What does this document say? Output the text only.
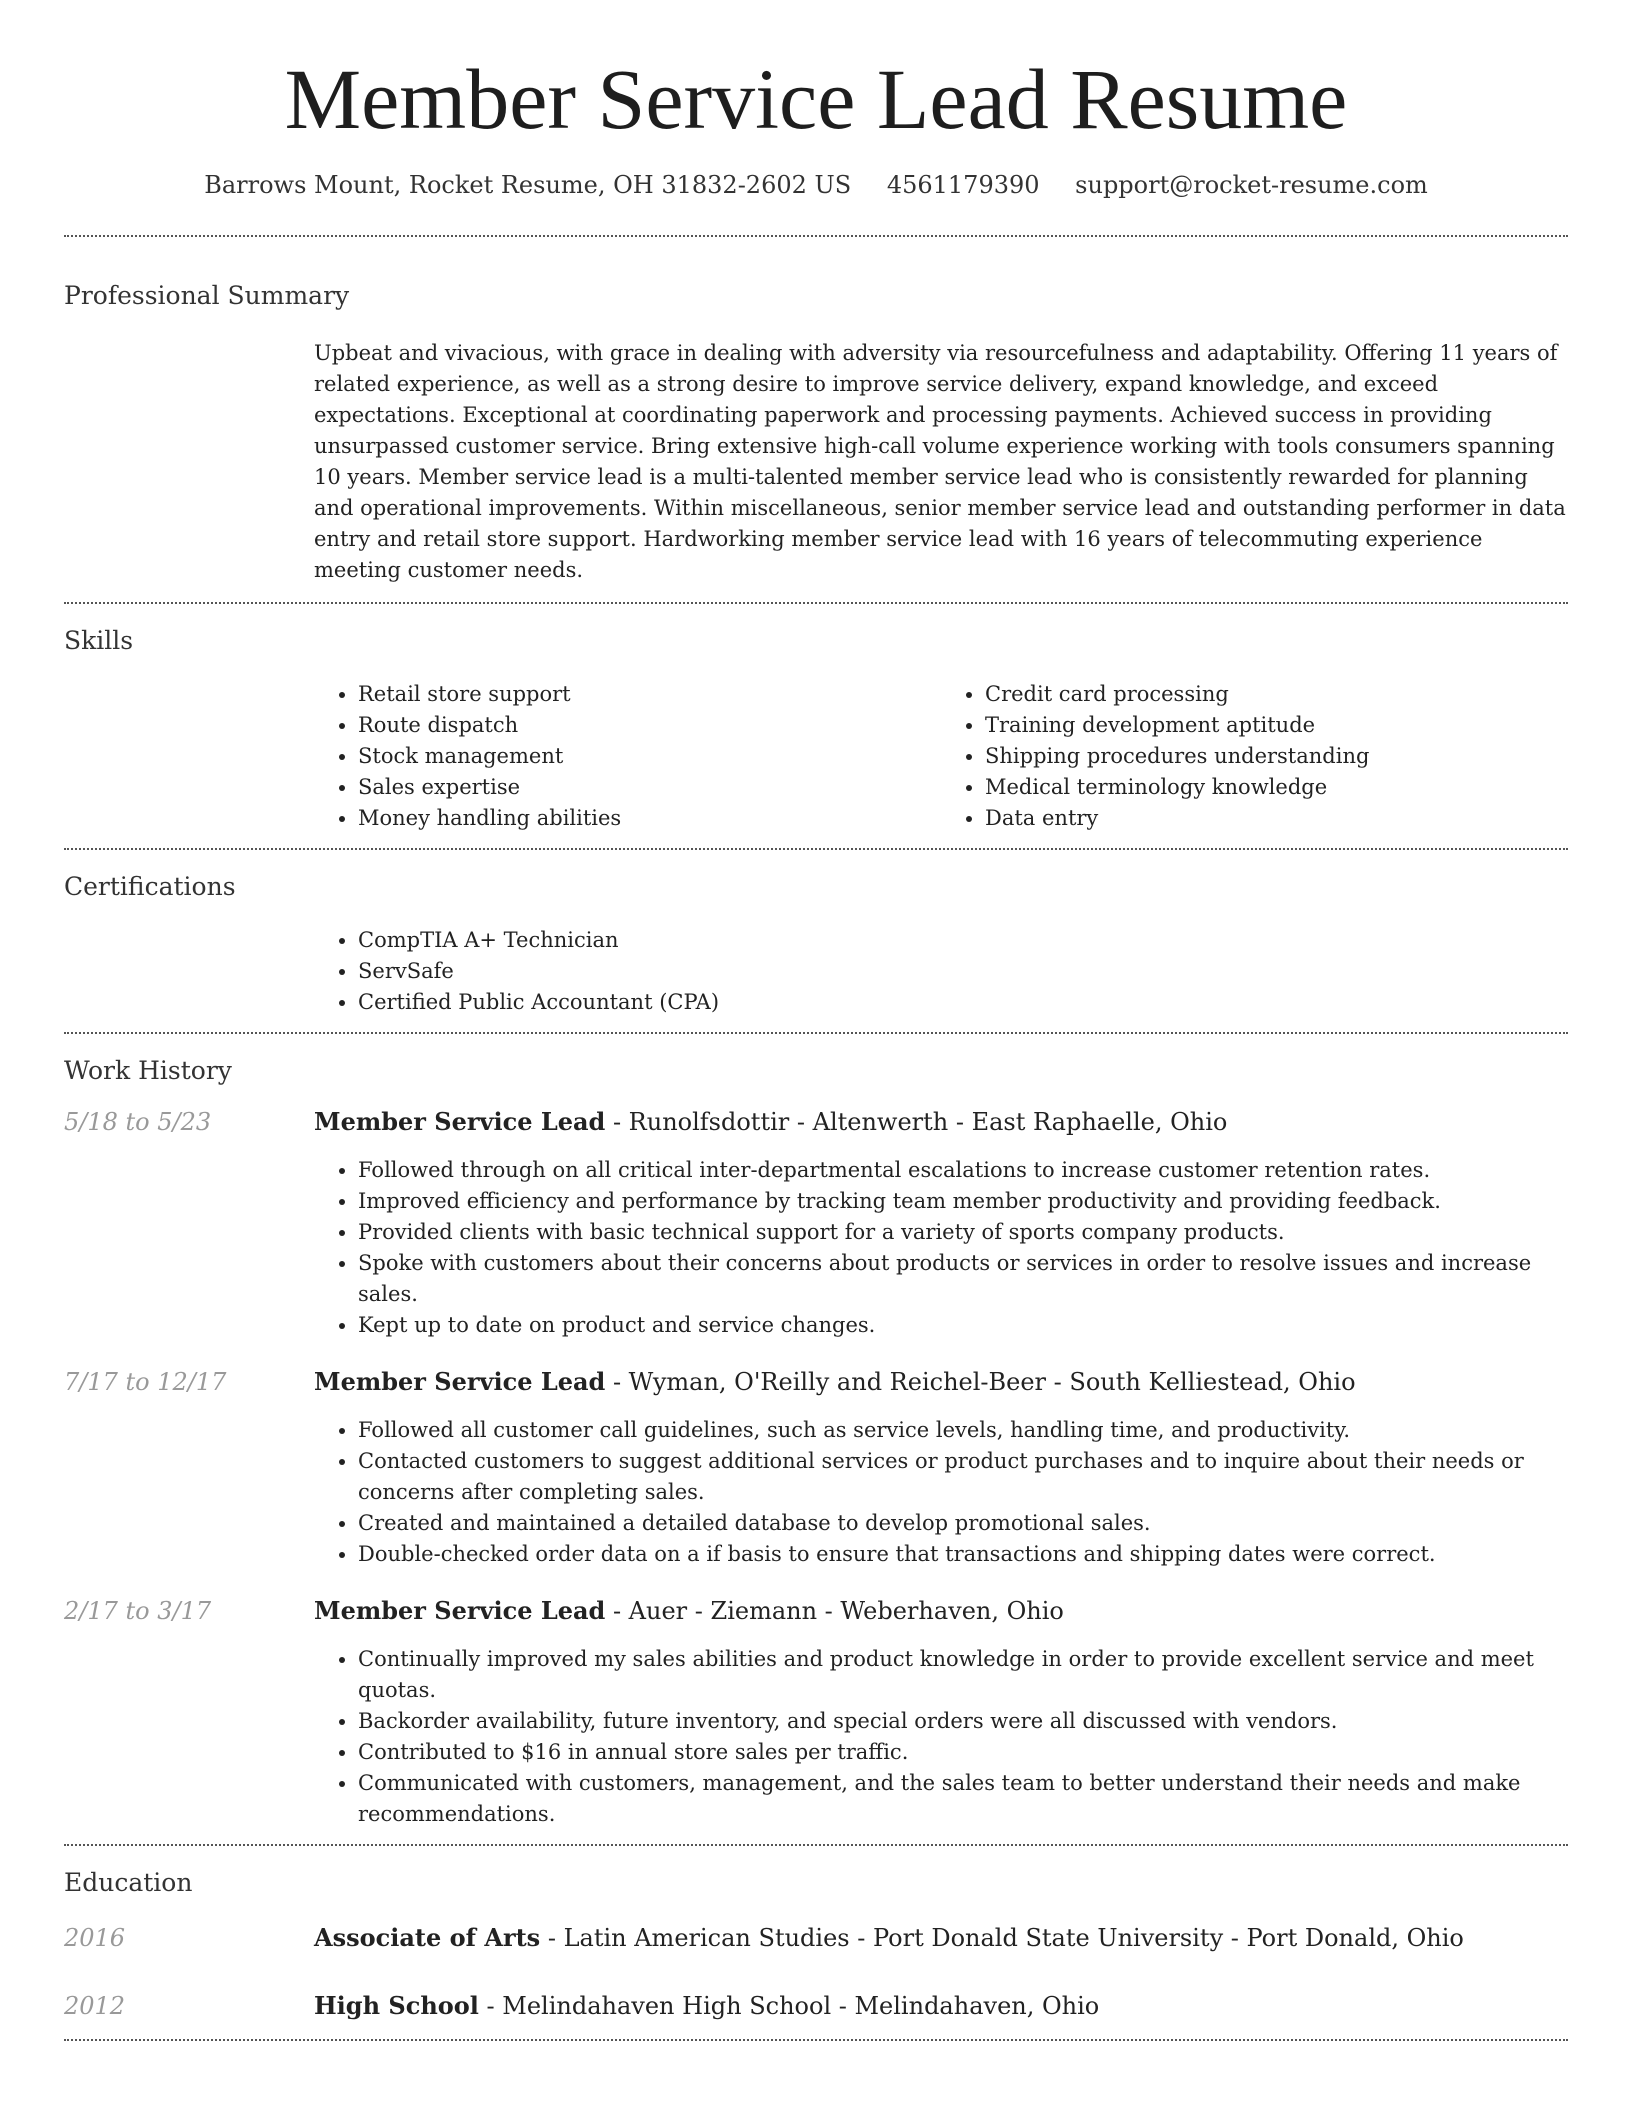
Member Service Lead Resume
Barrows Mount, Rocket Resume, OH 31832-2602 US 4561179390 support@rocket-resume.com
Professional Summary
Upbeat and vivacious, with grace in dealing with adversity via resourcefulness and adaptability. Offering 11 years of related experience, as well as a strong desire to improve service delivery, expand knowledge, and exceed expectations. Exceptional at coordinating paperwork and processing payments. Achieved success in providing unsurpassed customer service. Bring extensive high-call volume experience working with tools consumers spanning 10 years. Member service lead is a multi-talented member service lead who is consistently rewarded for planning and operational improvements. Within miscellaneous, senior member service lead and outstanding performer in data entry and retail store support. Hardworking member service lead with 16 years of telecommuting experience meeting customer needs.
Skills
• Retail store support
• Route dispatch
• Stock management
• Sales expertise
• Money handling abilities
• Credit card processing
• Training development aptitude
• Shipping procedures understanding
• Medical terminology knowledge
• Data entry
Certifications
• CompTIA A+ Technician
• ServSafe
• Certified Public Accountant (CPA)
Work History
5/18 to 5/23	Member Service Lead - Runolfsdottir - Altenwerth - East Raphaelle, Ohio
• Followed through on all critical inter-departmental escalations to increase customer retention rates.
• Improved efficiency and performance by tracking team member productivity and providing feedback.
• Provided clients with basic technical support for a variety of sports company products.
• Spoke with customers about their concerns about products or services in order to resolve issues and increase sales.
• Kept up to date on product and service changes.
7/17 to 12/17	Member Service Lead - Wyman, O'Reilly and Reichel-Beer - South Kelliestead, Ohio
• Followed all customer call guidelines, such as service levels, handling time, and productivity.
• Contacted customers to suggest additional services or product purchases and to inquire about their needs or concerns after completing sales.
• Created and maintained a detailed database to develop promotional sales.
• Double-checked order data on a if basis to ensure that transactions and shipping dates were correct.
2/17 to 3/17	Member Service Lead - Auer - Ziemann - Weberhaven, Ohio
• Continually improved my sales abilities and product knowledge in order to provide excellent service and meet quotas.
• Backorder availability, future inventory, and special orders were all discussed with vendors.
• Contributed to $16 in annual store sales per traffic.
• Communicated with customers, management, and the sales team to better understand their needs and make recommendations.
Education
2016	Associate of Arts - Latin American Studies - Port Donald State University - Port Donald, Ohio
2012	High School - Melindahaven High School - Melindahaven, Ohio
